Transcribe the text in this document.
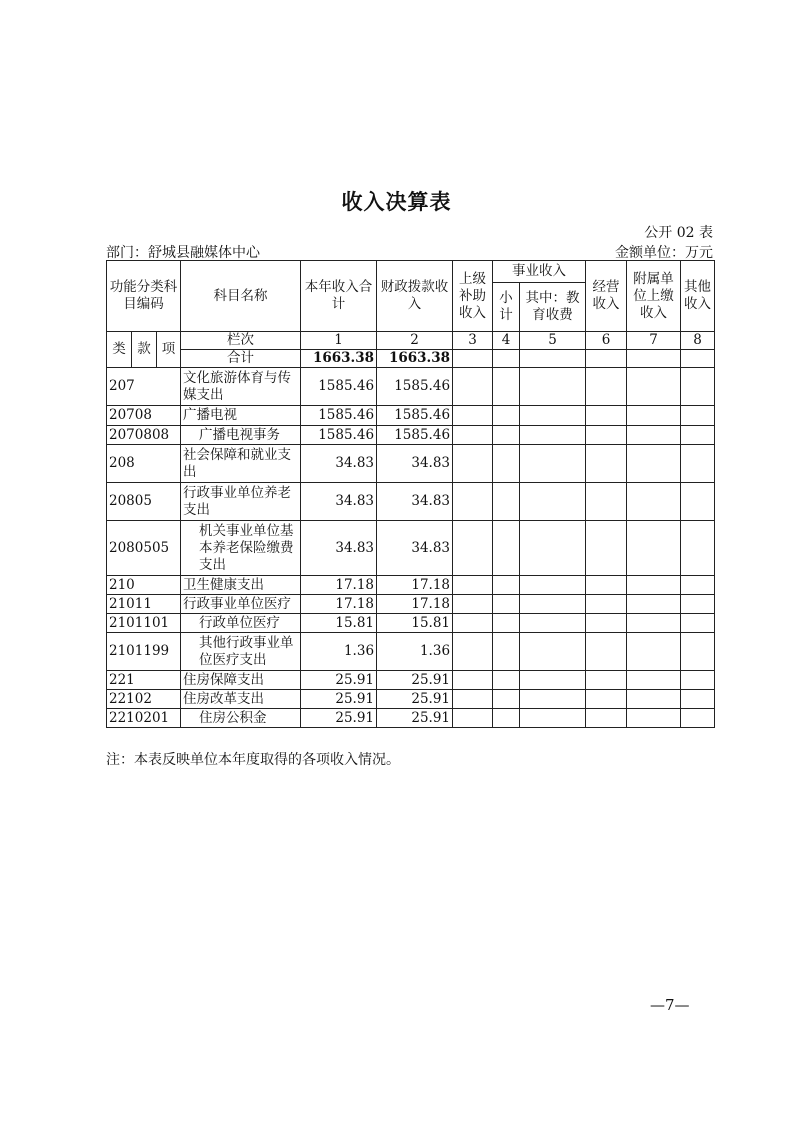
收入决算表
公开 02 表
部门：舒城县融媒体中心	金额单位：万元
功能分类科目编码			科目名称	本年收入合计	财政拨款收入	上级补助收入	事业收入		经营收入	附属单位上缴收入	其他收入
							小计	其中：教育收费			

类	款	项	栏次	1	2	3	4	5	6	7	8
			合计	1663.38	1663.38						
207			文化旅游体育与传媒支出	1585.46	1585.46						
20708			广播电视	1585.46	1585.46						
2070808			广播电视事务	1585.46	1585.46						
208			社会保障和就业支出	34.83	34.83						
20805			行政事业单位养老支出	34.83	34.83						
2080505			机关事业单位基本养老保险缴费支出	34.83	34.83						
210			卫生健康支出	17.18	17.18						
21011			行政事业单位医疗	17.18	17.18						
2101101			行政单位医疗	15.81	15.81						
2101199			其他行政事业单位医疗支出	1.36	1.36						
221			住房保障支出	25.91	25.91						
22102			住房改革支出	25.91	25.91						
2210201			住房公积金	25.91	25.91						
注：本表反映单位本年度取得的各项收入情况。
—7—
